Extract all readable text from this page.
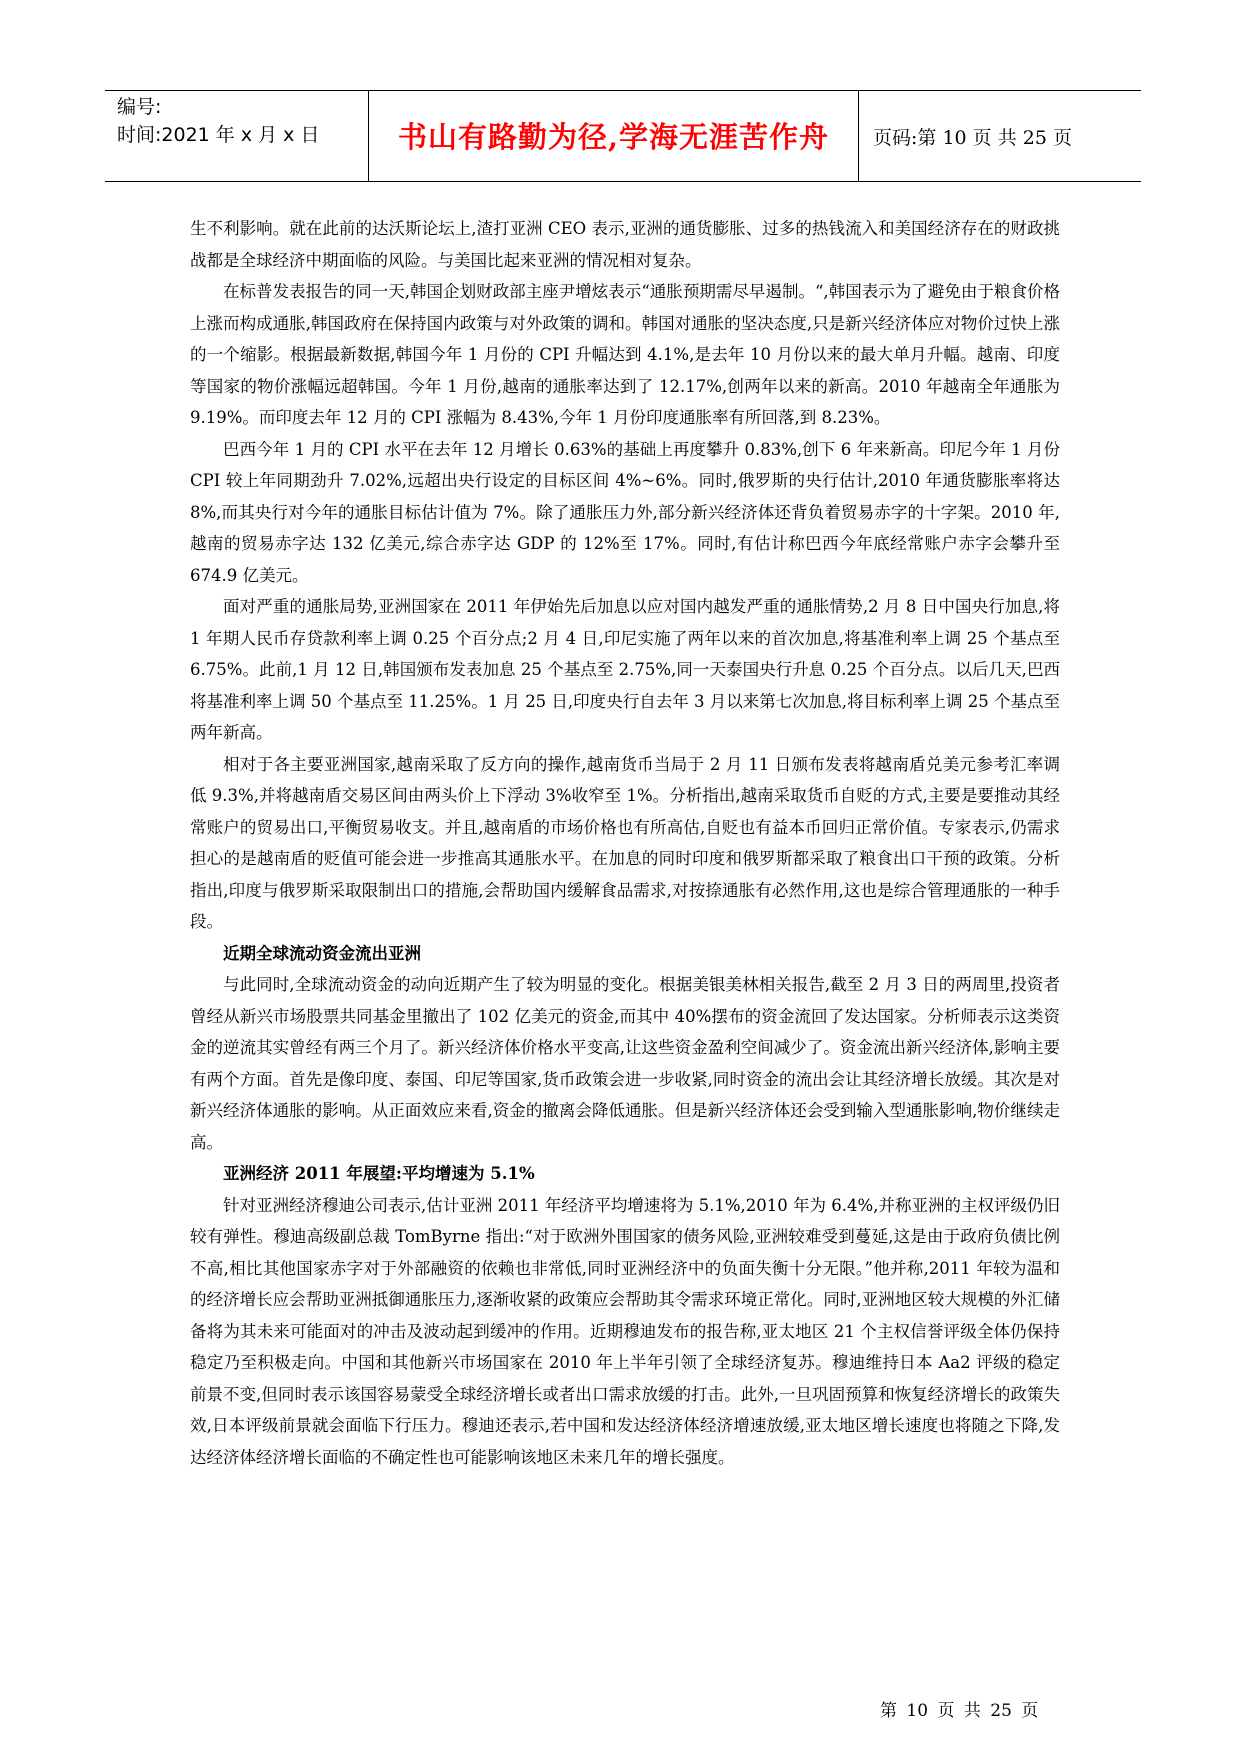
编号:
时间:2021 年 x 月 x 日	书山有路勤为径,学海无涯苦作舟	页码:第 10 页 共 25 页

生不利影响。就在此前的达沃斯论坛上,渣打亚洲 CEO 表示,亚洲的通货膨胀、过多的热钱流入和美国经济存在的财政挑战都是全球经济中期面临的风险。与美国比起来亚洲的情况相对复杂。

在标普发表报告的同一天,韩国企划财政部主座尹增炫表示“通胀预期需尽早遏制。“,韩国表示为了避免由于粮食价格上涨而构成通胀,韩国政府在保持国内政策与对外政策的调和。韩国对通胀的坚决态度,只是新兴经济体应对物价过快上涨的一个缩影。根据最新数据,韩国今年 1 月份的 CPI 升幅达到 4.1%,是去年 10 月份以来的最大单月升幅。越南、印度等国家的物价涨幅远超韩国。今年 1 月份,越南的通胀率达到了 12.17%,创两年以来的新高。2010 年越南全年通胀为 9.19%。而印度去年 12 月的 CPI 涨幅为 8.43%,今年 1 月份印度通胀率有所回落,到 8.23%。

巴西今年 1 月的 CPI 水平在去年 12 月增长 0.63%的基础上再度攀升 0.83%,创下 6 年来新高。印尼今年 1 月份 CPI 较上年同期劲升 7.02%,远超出央行设定的目标区间 4%~6%。同时,俄罗斯的央行估计,2010 年通货膨胀率将达 8%,而其央行对今年的通胀目标估计值为 7%。除了通胀压力外,部分新兴经济体还背负着贸易赤字的十字架。2010 年,越南的贸易赤字达 132 亿美元,综合赤字达 GDP 的 12%至 17%。同时,有估计称巴西今年底经常账户赤字会攀升至 674.9 亿美元。

面对严重的通胀局势,亚洲国家在 2011 年伊始先后加息以应对国内越发严重的通胀情势,2 月 8 日中国央行加息,将 1 年期人民币存贷款利率上调 0.25 个百分点;2 月 4 日,印尼实施了两年以来的首次加息,将基准利率上调 25 个基点至 6.75%。此前,1 月 12 日,韩国颁布发表加息 25 个基点至 2.75%,同一天泰国央行升息 0.25 个百分点。以后几天,巴西将基准利率上调 50 个基点至 11.25%。1 月 25 日,印度央行自去年 3 月以来第七次加息,将目标利率上调 25 个基点至两年新高。

相对于各主要亚洲国家,越南采取了反方向的操作,越南货币当局于 2 月 11 日颁布发表将越南盾兑美元参考汇率调低 9.3%,并将越南盾交易区间由两头价上下浮动 3%收窄至 1%。分析指出,越南采取货币自贬的方式,主要是要推动其经常账户的贸易出口,平衡贸易收支。并且,越南盾的市场价格也有所高估,自贬也有益本币回归正常价值。专家表示,仍需求担心的是越南盾的贬值可能会进一步推高其通胀水平。在加息的同时印度和俄罗斯都采取了粮食出口干预的政策。分析指出,印度与俄罗斯采取限制出口的措施,会帮助国内缓解食品需求,对按捺通胀有必然作用,这也是综合管理通胀的一种手段。

近期全球流动资金流出亚洲

与此同时,全球流动资金的动向近期产生了较为明显的变化。根据美银美林相关报告,截至 2 月 3 日的两周里,投资者曾经从新兴市场股票共同基金里撤出了 102 亿美元的资金,而其中 40%摆布的资金流回了发达国家。分析师表示这类资金的逆流其实曾经有两三个月了。新兴经济体价格水平变高,让这些资金盈利空间减少了。资金流出新兴经济体,影响主要有两个方面。首先是像印度、泰国、印尼等国家,货币政策会进一步收紧,同时资金的流出会让其经济增长放缓。其次是对新兴经济体通胀的影响。从正面效应来看,资金的撤离会降低通胀。但是新兴经济体还会受到输入型通胀影响,物价继续走高。

亚洲经济 2011 年展望:平均增速为 5.1%

针对亚洲经济穆迪公司表示,估计亚洲 2011 年经济平均增速将为 5.1%,2010 年为 6.4%,并称亚洲的主权评级仍旧较有弹性。穆迪高级副总裁 TomByrne 指出:“对于欧洲外围国家的债务风险,亚洲较难受到蔓延,这是由于政府负债比例不高,相比其他国家赤字对于外部融资的依赖也非常低,同时亚洲经济中的负面失衡十分无限。”他并称,2011 年较为温和的经济增长应会帮助亚洲抵御通胀压力,逐渐收紧的政策应会帮助其令需求环境正常化。同时,亚洲地区较大规模的外汇储备将为其未来可能面对的冲击及波动起到缓冲的作用。近期穆迪发布的报告称,亚太地区 21 个主权信誉评级全体仍保持稳定乃至积极走向。中国和其他新兴市场国家在 2010 年上半年引领了全球经济复苏。穆迪维持日本 Aa2 评级的稳定前景不变,但同时表示该国容易蒙受全球经济增长或者出口需求放缓的打击。此外,一旦巩固预算和恢复经济增长的政策失效,日本评级前景就会面临下行压力。穆迪还表示,若中国和发达经济体经济增速放缓,亚太地区增长速度也将随之下降,发达经济体经济增长面临的不确定性也可能影响该地区未来几年的增长强度。

第 10 页 共 25 页
